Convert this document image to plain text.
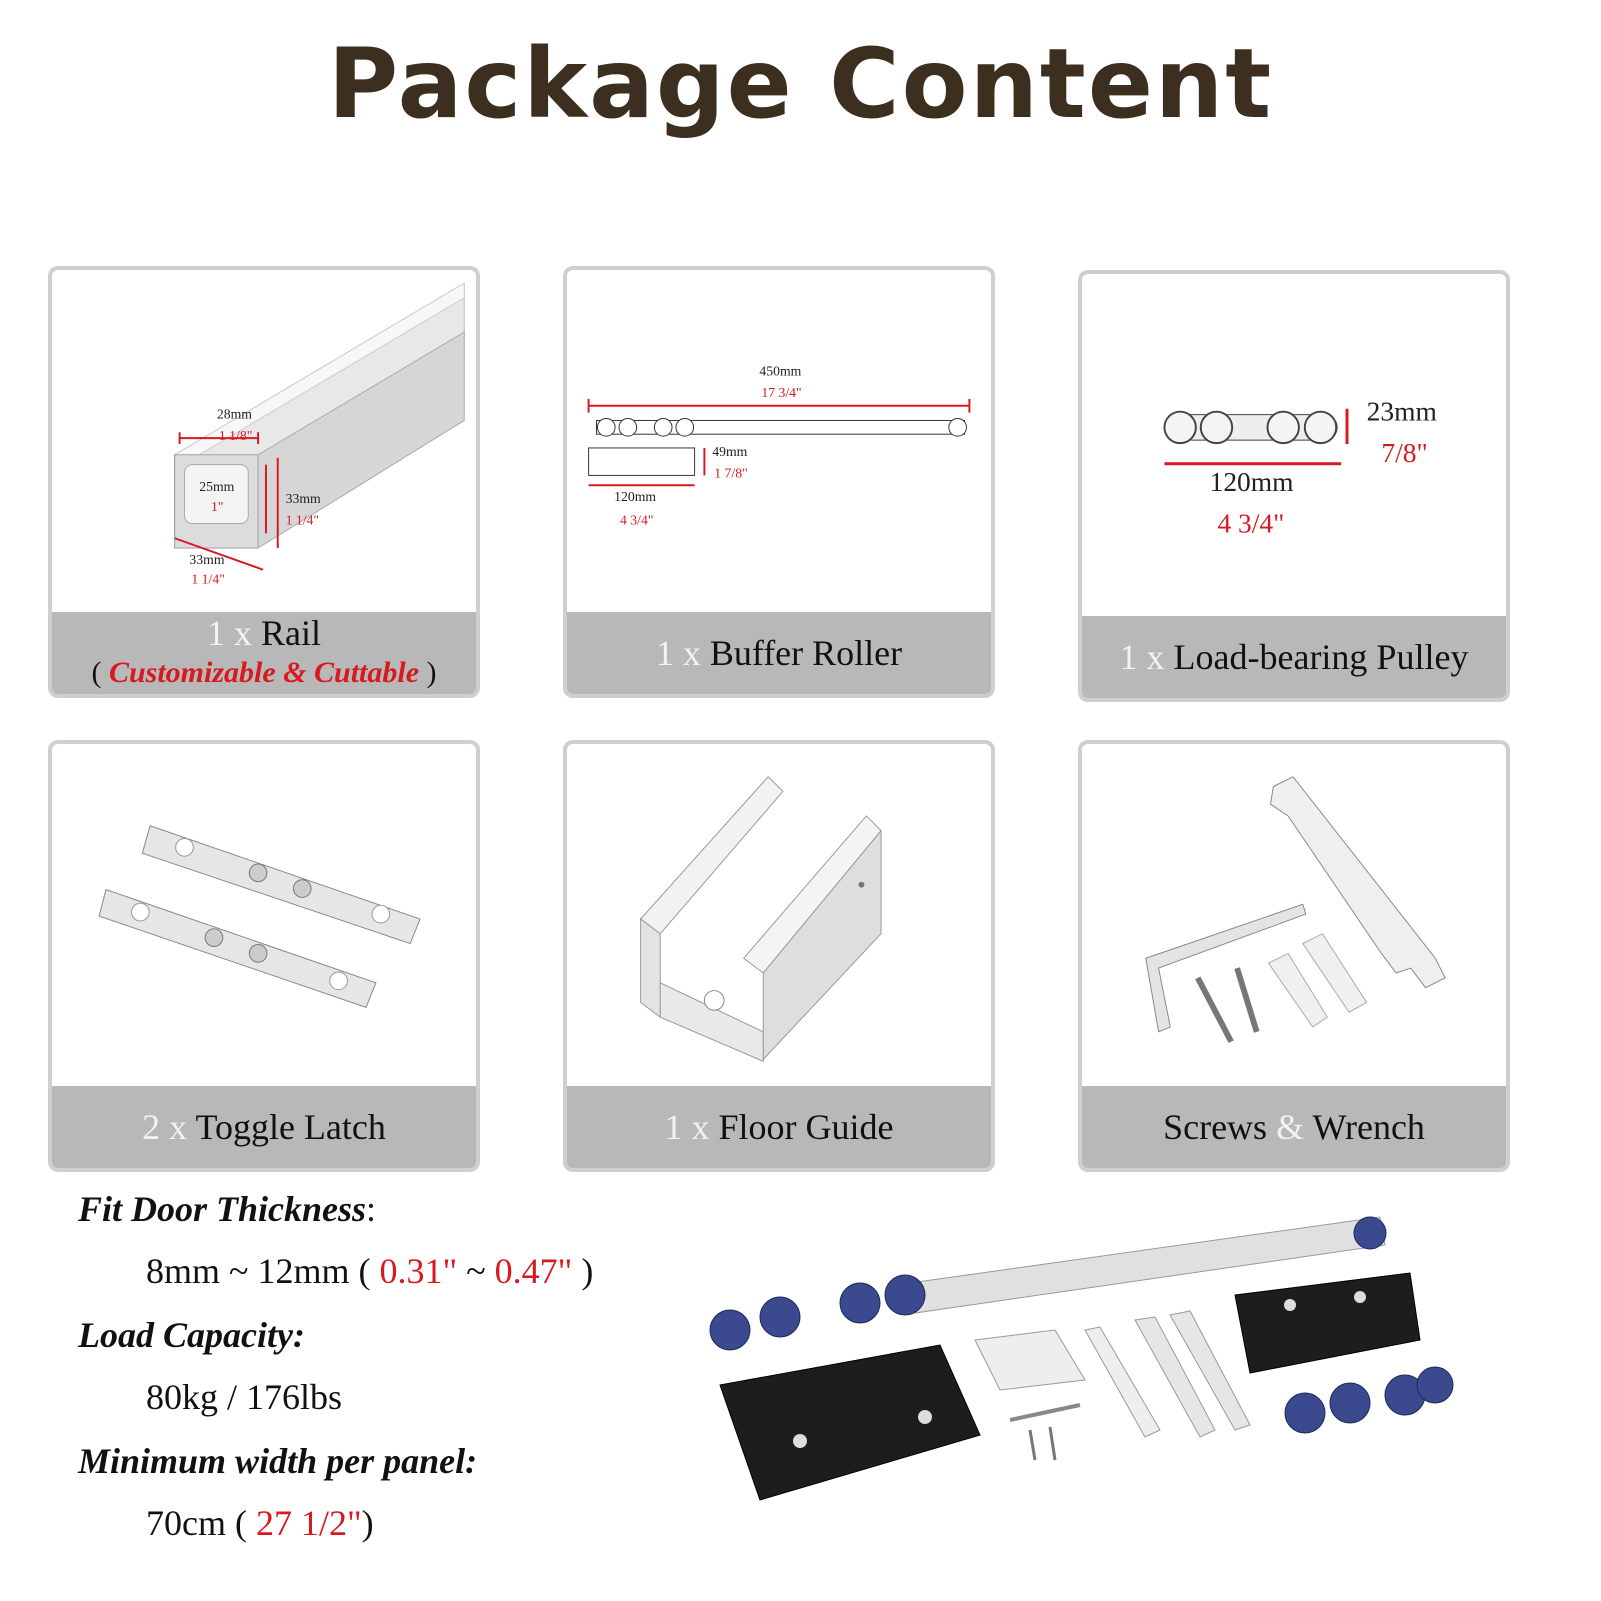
Package Content
28mm
1 1/8"
25mm
1"
33mm
1 1/4"
33mm
1 1/4"
1 x Rail
( Customizable & Cuttable )
450mm
17 3/4"
49mm
1 7/8"
120mm
4 3/4"
1 x Buffer Roller
23mm
7/8"
120mm
4 3/4"
1 x Load-bearing Pulley
2 x Toggle Latch	1 x Floor Guide	Screws & Wrench
Fit Door Thickness:
8mm ~ 12mm ( 0.31" ~ 0.47" )
Load Capacity:
80kg / 176lbs
Minimum width per panel:
70cm ( 27 1/2")
